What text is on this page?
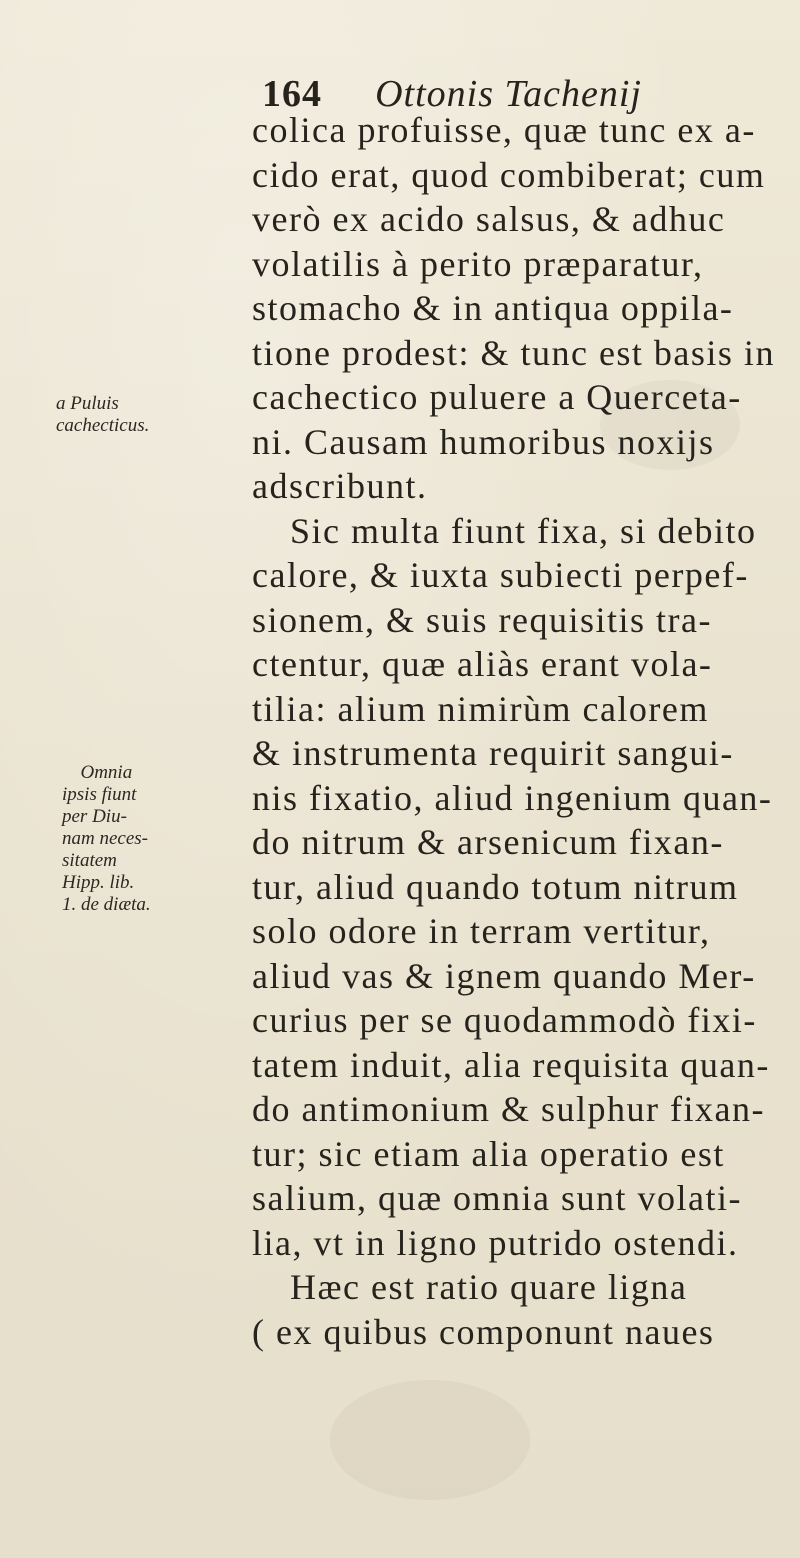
164 Ottonis Tachenij
colica profuisse, quæ tunc ex a-
cido erat, quod combiberat; cum
verò ex acido salsus, & adhuc
volatilis à perito præparatur,
stomacho & in antiqua oppila-
tione prodest: & tunc est basis in
cachectico puluere a Querceta-
ni. Causam humoribus noxijs
adscribunt.
Sic multa fiunt fixa, si debito
calore, & iuxta subiecti perpef-
sionem, & suis requisitis tra-
ctentur, quæ aliàs erant vola-
tilia: alium nimirùm calorem
& instrumenta requirit sangui-
nis fixatio, aliud ingenium quan-
do nitrum & arsenicum fixan-
tur, aliud quando totum nitrum
solo odore in terram vertitur,
aliud vas & ignem quando Mer-
curius per se quodammodò fixi-
tatem induit, alia requisita quan-
do antimonium & sulphur fixan-
tur; sic etiam alia operatio est
salium, quæ omnia sunt volati-
lia, vt in ligno putrido ostendi.
Hæc est ratio quare ligna
( ex quibus componunt naues
a Puluis
cachecticus.
Omnia
ipsis fiunt
per Diu-
nam neces-
sitatem
Hipp. lib.
1. de diæta.
